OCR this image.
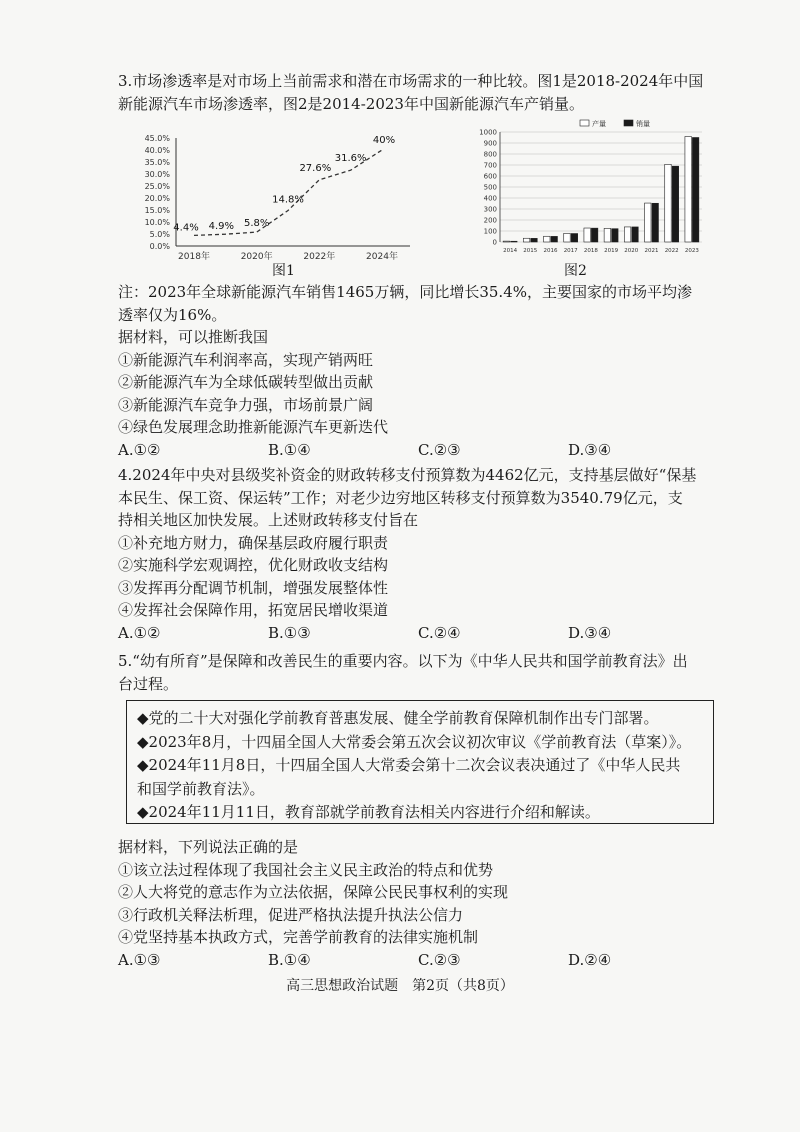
3.市场渗透率是对市场上当前需求和潜在市场需求的一种比较。图1是2018-2024年中国
新能源汽车市场渗透率，图2是2014-2023年中国新能源汽车产销量。
0.0%
5.0%
10.0%
15.0%
20.0%
25.0%
30.0%
35.0%
40.0%
45.0%
4.4% 4.9% 5.8%
14.8%
27.6%
31.6%
40%
2018年	2020年	2022年	2024年
图1
产量	销量
0
100
200
300
400
500
600
700
800
900
1000
2014 2015 2016 2017 2018 2019 2020 2021 2022 2023
图2
注：2023年全球新能源汽车销售1465万辆，同比增长35.4%，主要国家的市场平均渗
透率仅为16%。
据材料，可以推断我国
①新能源汽车利润率高，实现产销两旺
②新能源汽车为全球低碳转型做出贡献
③新能源汽车竞争力强，市场前景广阔
④绿色发展理念助推新能源汽车更新迭代
A.①②	B.①④	C.②③	D.③④
4.2024年中央对县级奖补资金的财政转移支付预算数为4462亿元，支持基层做好“保基
本民生、保工资、保运转”工作；对老少边穷地区转移支付预算数为3540.79亿元，支
持相关地区加快发展。上述财政转移支付旨在
①补充地方财力，确保基层政府履行职责
②实施科学宏观调控，优化财政收支结构
③发挥再分配调节机制，增强发展整体性
④发挥社会保障作用，拓宽居民增收渠道
A.①②	B.①③	C.②④	D.③④
5.“幼有所育”是保障和改善民生的重要内容。以下为《中华人民共和国学前教育法》出
台过程。
◆党的二十大对强化学前教育普惠发展、健全学前教育保障机制作出专门部署。
◆2023年8月，十四届全国人大常委会第五次会议初次审议《学前教育法（草案）》。
◆2024年11月8日，十四届全国人大常委会第十二次会议表决通过了《中华人民共
和国学前教育法》。
◆2024年11月11日，教育部就学前教育法相关内容进行介绍和解读。
据材料，下列说法正确的是
①该立法过程体现了我国社会主义民主政治的特点和优势
②人大将党的意志作为立法依据，保障公民民事权利的实现
③行政机关释法析理，促进严格执法提升执法公信力
④党坚持基本执政方式，完善学前教育的法律实施机制
A.①③	B.①④	C.②③	D.②④
高三思想政治试题　第2页（共8页）
